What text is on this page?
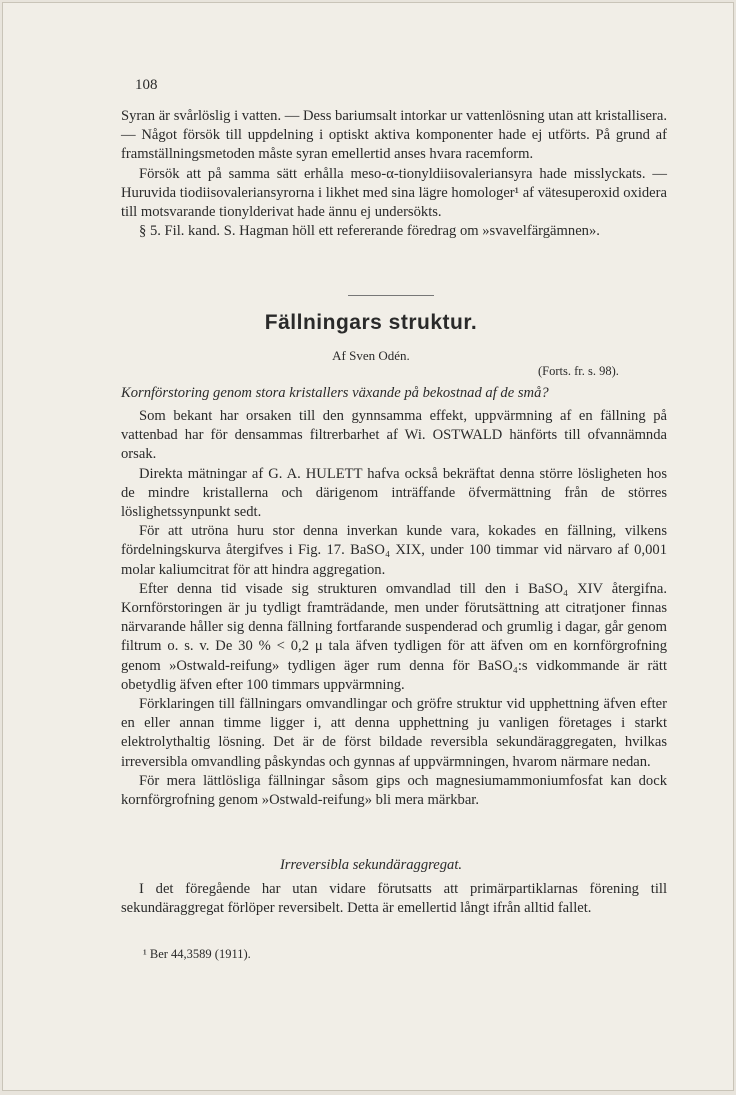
108

Syran är svårlöslig i vatten. — Dess bariumsalt intorkar ur vattenlösning utan att kristallisera. — Något försök till uppdelning i optiskt aktiva komponenter hade ej utförts. På grund af framställningsmetoden måste syran emellertid anses hvara racemform.

Försök att på samma sätt erhålla meso-α-tionyldiisovaleriansyra hade misslyckats. — Huruvida tiodiisovaleriansyrorna i likhet med sina lägre homologer¹ af vätesuperoxid oxidera till motsvarande tionylderivat hade ännu ej undersökts.

§ 5. Fil. kand. S. Hagman höll ett refererande föredrag om »svavelfärgämnen».

Fällningars struktur.
Af Sven Odén.
(Forts. fr. s. 98).
Kornförstoring genom stora kristallers växande på bekostnad af de små?

Som bekant har orsaken till den gynnsamma effekt, uppvärmning af en fällning på vattenbad har för densammas filtrerbarhet af Wi. OSTWALD hänförts till ofvannämnda orsak.

Direkta mätningar af G. A. HULETT hafva också bekräftat denna större lösligheten hos de mindre kristallerna och därigenom inträffande öfvermättning från de störres löslighetssynpunkt sedt.

För att utröna huru stor denna inverkan kunde vara, kokades en fällning, vilkens fördelningskurva återgifves i Fig. 17. BaSO₄ XIX, under 100 timmar vid närvaro af 0,001 molar kaliumcitrat för att hindra aggregation.

Efter denna tid visade sig strukturen omvandlad till den i BaSO₄ XIV återgifna. Kornförstoringen är ju tydligt framträdande, men under förutsättning att citratjoner finnas närvarande håller sig denna fällning fortfarande suspenderad och grumlig i dagar, går genom filtrum o. s. v. De 30 % < 0,2 μ tala äfven tydligen för att äfven om en kornförgrofning genom »Ostwald-reifung» tydligen äger rum denna för BaSO₄:s vidkommande är rätt obetydlig äfven efter 100 timmars uppvärmning.

Förklaringen till fällningars omvandlingar och gröfre struktur vid upphettning äfven efter en eller annan timme ligger i, att denna upphettning ju vanligen företages i starkt elektrolythaltig lösning. Det är de först bildade reversibla sekundäraggregaten, hvilkas irreversibla omvandling påskyndas och gynnas af uppvärmningen, hvarom närmare nedan.

För mera lättlösliga fällningar såsom gips och magnesiumammoniumfosfat kan dock kornförgrofning genom »Ostwald-reifung» bli mera märkbar.

Irreversibla sekundäraggregat.

I det föregående har utan vidare förutsatts att primärpartiklarnas förening till sekundäraggregat förlöper reversibelt. Detta är emellertid långt ifrån alltid fallet.

¹ Ber 44,3589 (1911).
